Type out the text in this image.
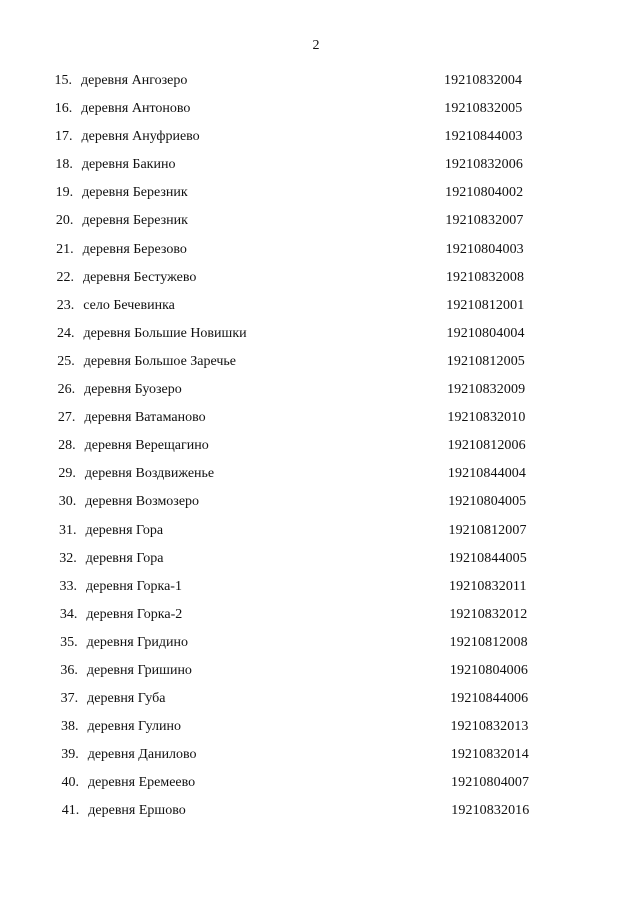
2
15. деревня Ангозеро	19210832004
16. деревня Антоново	19210832005
17. деревня Ануфриево	19210844003
18. деревня Бакино	19210832006
19. деревня Березник	19210804002
20. деревня Березник	19210832007
21. деревня Березово	19210804003
22. деревня Бестужево	19210832008
23. село Бечевинка	19210812001
24. деревня Большие Новишки	19210804004
25. деревня Большое Заречье	19210812005
26. деревня Буозеро	19210832009
27. деревня Ватаманово	19210832010
28. деревня Верещагино	19210812006
29. деревня Воздвиженье	19210844004
30. деревня Возмозеро	19210804005
31. деревня Гора	19210812007
32. деревня Гора	19210844005
33. деревня Горка-1	19210832011
34. деревня Горка-2	19210832012
35. деревня Гридино	19210812008
36. деревня Гришино	19210804006
37. деревня Губа	19210844006
38. деревня Гулино	19210832013
39. деревня Данилово	19210832014
40. деревня Еремеево	19210804007
41. деревня Ершово	19210832016
